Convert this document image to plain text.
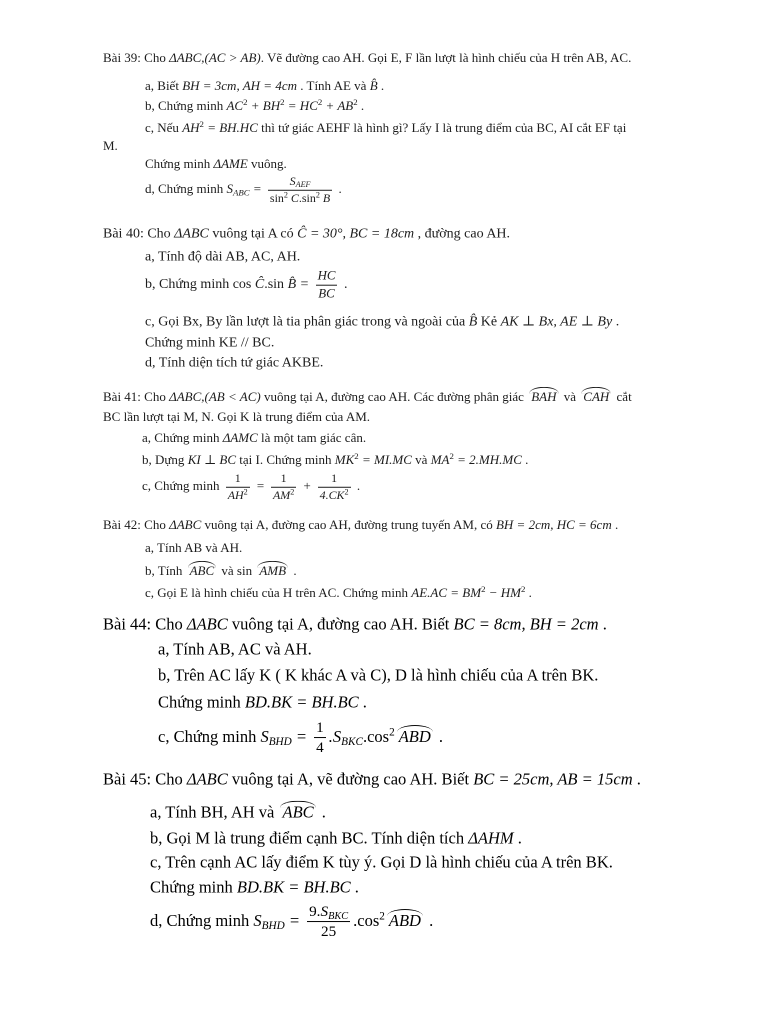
Bài 39: Cho ΔABC,(AC > AB). Vẽ đường cao AH. Gọi E, F lần lượt là hình chiếu của H trên AB, AC.
a, Biết BH = 3cm, AH = 4cm . Tính AE và B̂ .
b, Chứng minh $AC^2 + BH^2 = HC^2 + AB^2$ .
c, Nếu $AH^2 = BH.HC$ thì tứ giác AEHF là hình gì? Lấy I là trung điểm của BC, AI cắt EF tại
M.
Chứng minh ΔAME vuông.
d, Chứng minh $S_{ABC} = \frac{S_{AEF}}{\sin^2 C.\sin^2 B}$ .
Bài 40: Cho ΔABC vuông tại A có Ĉ = 30°, BC = 18cm , đường cao AH.
a, Tính độ dài AB, AC, AH.
b, Chứng minh cos Ĉ.sin B̂ = $\frac{HC}{BC}$ .
c, Gọi Bx, By lần lượt là tia phân giác trong và ngoài của B̂ Kẻ AK ⊥ Bx, AE ⊥ By .
Chứng minh KE // BC.
d, Tính diện tích tứ giác AKBE.
Bài 41: Cho ΔABC,(AB < AC) vuông tại A, đường cao AH. Các đường phân giác BAH và CAH cắt
BC lần lượt tại M, N. Gọi K là trung điểm của AM.
a, Chứng minh ΔAMC là một tam giác cân.
b, Dựng KI ⊥ BC tại I. Chứng minh $MK^2 = MI.MC$ và $MA^2 = 2.MH.MC$ .
c, Chứng minh $\frac{1}{AH^2} = \frac{1}{AM^2} + \frac{1}{4.CK^2}$ .
Bài 42: Cho ΔABC vuông tại A, đường cao AH, đường trung tuyến AM, có BH = 2cm, HC = 6cm .
a, Tính AB và AH.
b, Tính ABC và sin AMB .
c, Gọi E là hình chiếu của H trên AC. Chứng minh $AE.AC = BM^2 - HM^2$ .
Bài 44: Cho ΔABC vuông tại A, đường cao AH. Biết BC = 8cm, BH = 2cm .
a, Tính AB, AC và AH.
b, Trên AC lấy K ( K khác A và C), D là hình chiếu của A trên BK.
Chứng minh BD.BK = BH.BC .
c, Chứng minh $S_{BHD} = \frac{1}{4} .S_{BKC}.\cos^2$ ABD .
Bài 45: Cho ΔABC vuông tại A, vẽ đường cao AH. Biết BC = 25cm, AB = 15cm .
a, Tính BH, AH và ABC .
b, Gọi M là trung điểm cạnh BC. Tính diện tích ΔAHM .
c, Trên cạnh AC lấy điểm K tùy ý. Gọi D là hình chiếu của A trên BK.
Chứng minh BD.BK = BH.BC .
d, Chứng minh $S_{BHD} = \frac{9.S_{BKC}}{25} .\cos^2$ ABD .
